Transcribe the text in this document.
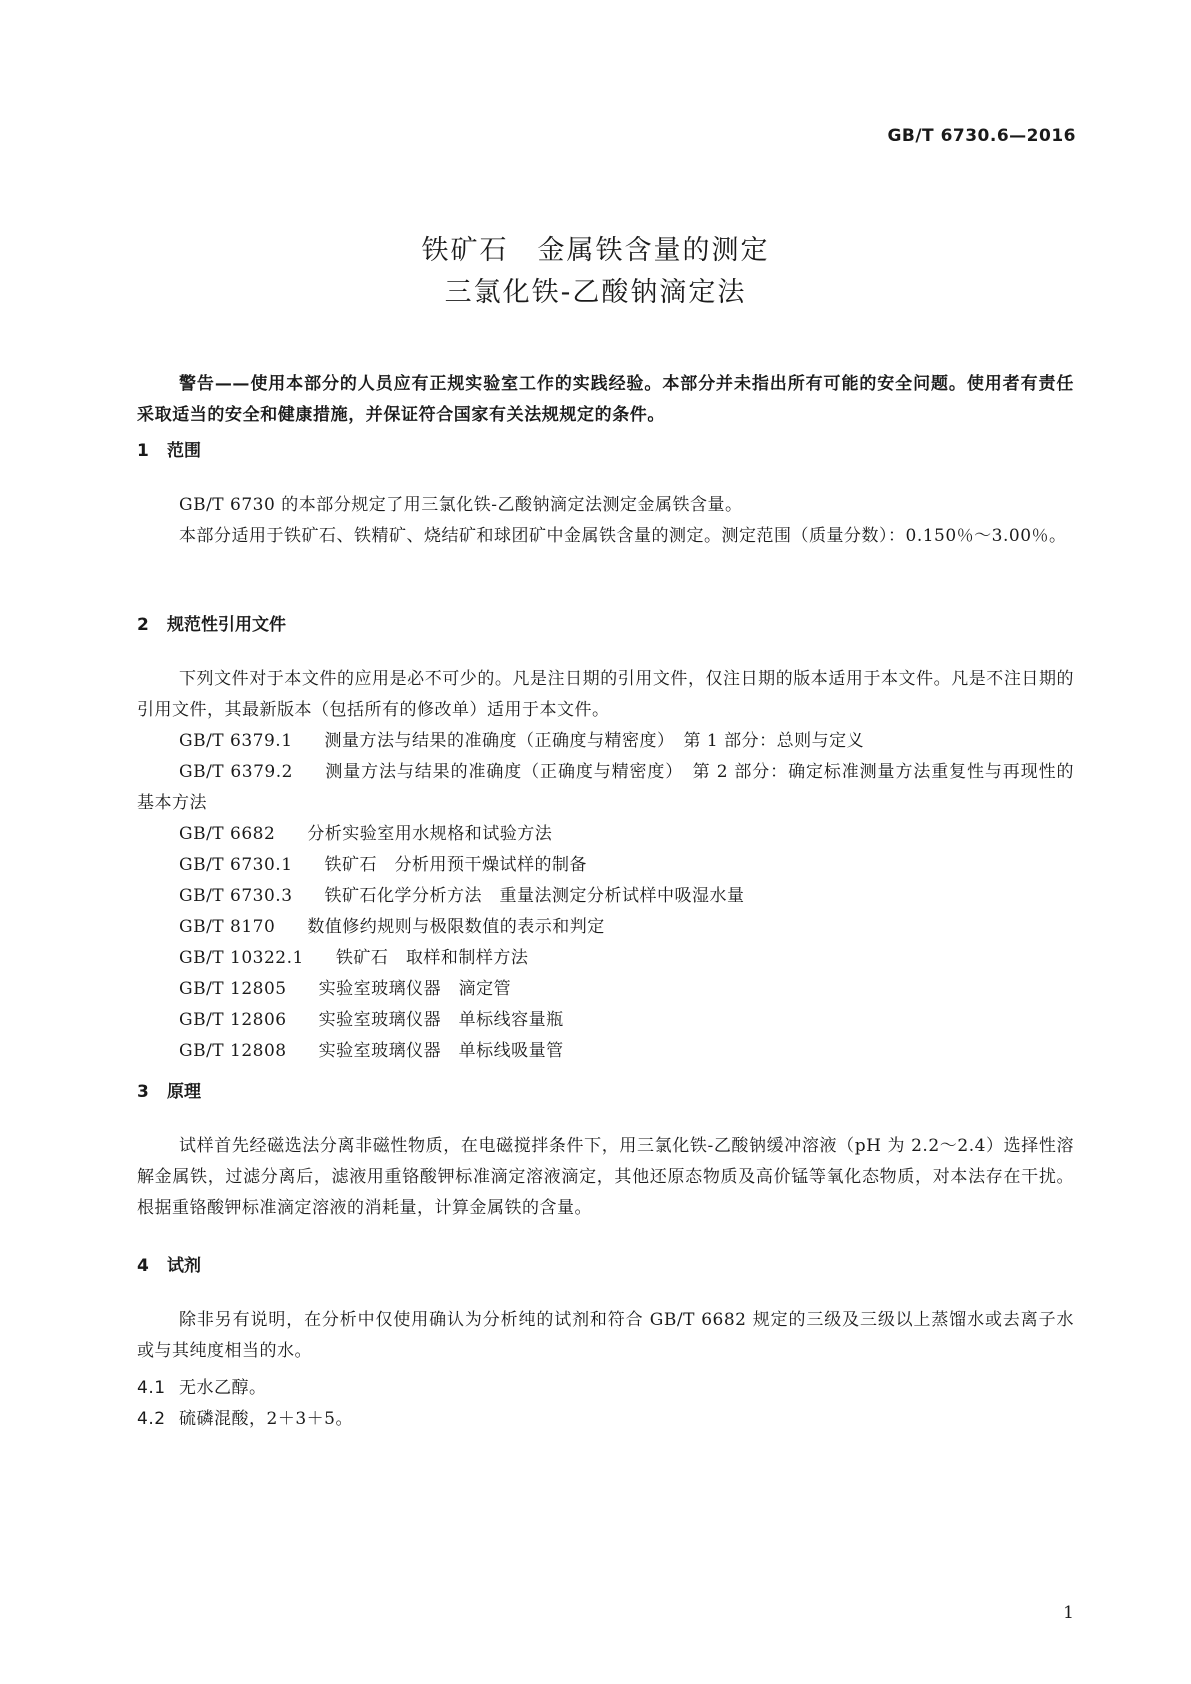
GB/T 6730.6—2016
铁矿石　金属铁含量的测定
三氯化铁-乙酸钠滴定法
警告——使用本部分的人员应有正规实验室工作的实践经验。本部分并未指出所有可能的安全问题。使用者有责任采取适当的安全和健康措施，并保证符合国家有关法规规定的条件。
1 范围
GB/T 6730 的本部分规定了用三氯化铁-乙酸钠滴定法测定金属铁含量。
本部分适用于铁矿石、铁精矿、烧结矿和球团矿中金属铁含量的测定。测定范围（质量分数）：0.150％～3.00％。
2 规范性引用文件
下列文件对于本文件的应用是必不可少的。凡是注日期的引用文件，仅注日期的版本适用于本文件。凡是不注日期的引用文件，其最新版本（包括所有的修改单）适用于本文件。
GB/T 6379.1 测量方法与结果的准确度（正确度与精密度）　第 1 部分：总则与定义
GB/T 6379.2 测量方法与结果的准确度（正确度与精密度）　第 2 部分：确定标准测量方法重复性与再现性的基本方法
GB/T 6682 分析实验室用水规格和试验方法
GB/T 6730.1 铁矿石　分析用预干燥试样的制备
GB/T 6730.3 铁矿石化学分析方法　重量法测定分析试样中吸湿水量
GB/T 8170 数值修约规则与极限数值的表示和判定
GB/T 10322.1 铁矿石　取样和制样方法
GB/T 12805 实验室玻璃仪器　滴定管
GB/T 12806 实验室玻璃仪器　单标线容量瓶
GB/T 12808 实验室玻璃仪器　单标线吸量管
3 原理
试样首先经磁选法分离非磁性物质，在电磁搅拌条件下，用三氯化铁-乙酸钠缓冲溶液（pH 为 2.2～2.4）选择性溶解金属铁，过滤分离后，滤液用重铬酸钾标准滴定溶液滴定，其他还原态物质及高价锰等氧化态物质，对本法存在干扰。根据重铬酸钾标准滴定溶液的消耗量，计算金属铁的含量。
4 试剂
除非另有说明，在分析中仅使用确认为分析纯的试剂和符合 GB/T 6682 规定的三级及三级以上蒸馏水或去离子水或与其纯度相当的水。
4.1 无水乙醇。
4.2 硫磷混酸，2＋3＋5。
1
